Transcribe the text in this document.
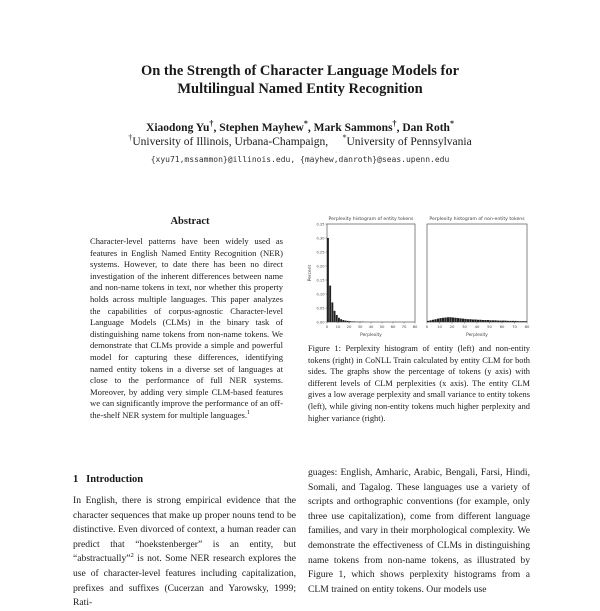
On the Strength of Character Language Models for
Multilingual Named Entity Recognition
Xiaodong Yu†, Stephen Mayhew*, Mark Sammons†, Dan Roth*
†University of Illinois, Urbana-Champaign, *University of Pennsylvania
{xyu71,mssammon}@illinois.edu, {mayhew,danroth}@seas.upenn.edu
Abstract
Character-level patterns have been widely used as features in English Named Entity Recognition (NER) systems. However, to date there has been no direct investigation of the inherent differences between name and non-name tokens in text, nor whether this property holds across multiple languages. This paper analyzes the capabilities of corpus-agnostic Character-level Language Models (CLMs) in the binary task of distinguishing name tokens from non-name tokens. We demonstrate that CLMs provide a simple and powerful model for capturing these differences, identifying named entity tokens in a diverse set of languages at close to the performance of full NER systems. Moreover, by adding very simple CLM-based features we can significantly improve the performance of an off-the-shelf NER system for multiple languages.$^1$
1 Introduction
In English, there is strong empirical evidence that the character sequences that make up proper nouns tend to be distinctive. Even divorced of context, a human reader can predict that “hoekstenberger” is an entity, but “abstractually”$^2$ is not. Some NER research explores the use of character-level features including capitalization, prefixes and suffixes (Cucerzan and Yarowsky, 1999; Rati-
Perplexity histogram of entity tokens
Percent
Perplexity
0 10 20 30 40 50 60 70 80
0.00
0.05
0.10
0.15
0.20
0.25
0.30
0.35
Perplexity histogram of non-entity tokens
Perplexity
0 10 20 30 40 50 60 70 80
Figure 1: Perplexity histogram of entity (left) and non-entity tokens (right) in CoNLL Train calculated by entity CLM for both sides. The graphs show the percentage of tokens (y axis) with different levels of CLM perplexities (x axis). The entity CLM gives a low average perplexity and small variance to entity tokens (left), while giving non-entity tokens much higher perplexity and higher variance (right).
guages: English, Amharic, Arabic, Bengali, Farsi, Hindi, Somali, and Tagalog. These languages use a variety of scripts and orthographic conventions (for example, only three use capitalization), come from different language families, and vary in their morphological complexity. We demonstrate the effectiveness of CLMs in distinguishing name tokens from non-name tokens, as illustrated by Figure 1, which shows perplexity histograms from a CLM trained on entity tokens. Our models use
